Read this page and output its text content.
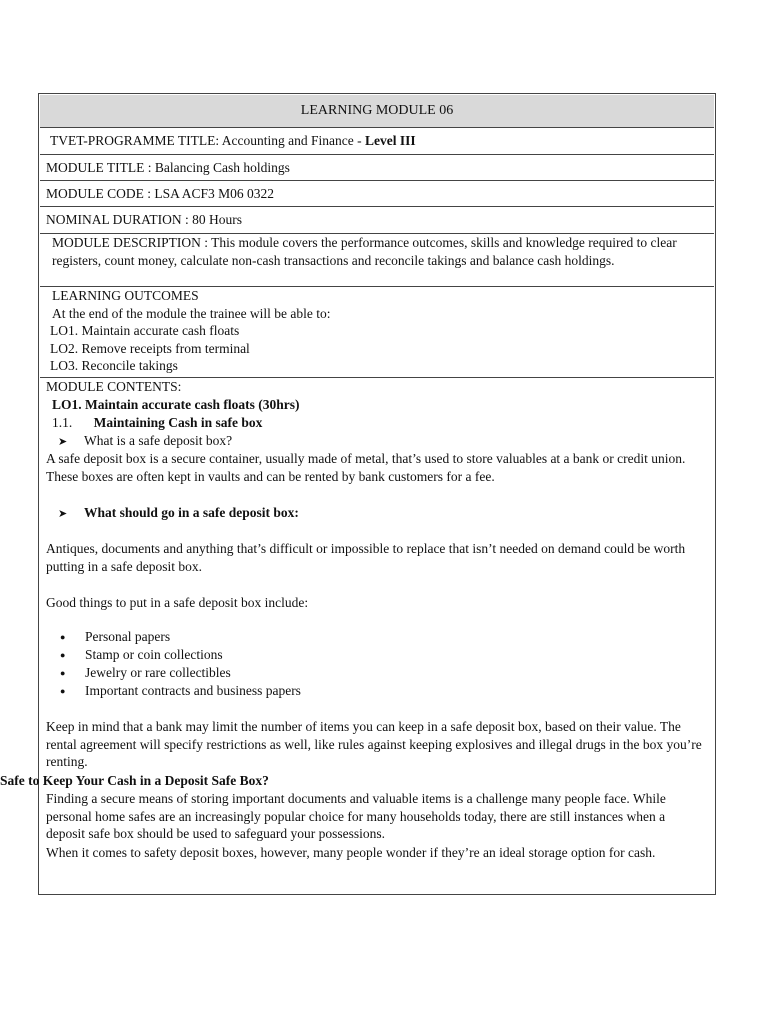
LEARNING MODULE 06
TVET-PROGRAMME TITLE: Accounting and Finance - Level III
MODULE TITLE : Balancing Cash holdings
MODULE CODE : LSA ACF3 M06 0322
NOMINAL DURATION : 80 Hours
MODULE DESCRIPTION : This module covers the performance outcomes, skills and knowledge required to clear registers, count money, calculate non-cash transactions and reconcile takings and balance cash holdings.
LEARNING OUTCOMES
At the end of the module the trainee will be able to:
LO1. Maintain accurate cash floats
LO2. Remove receipts from terminal
LO3. Reconcile takings
MODULE CONTENTS:
LO1. Maintain accurate cash floats (30hrs)
1.1. Maintaining Cash in safe box
➤ What is a safe deposit box?
A safe deposit box is a secure container, usually made of metal, that’s used to store valuables at a bank or credit union. These boxes are often kept in vaults and can be rented by bank customers for a fee.
➤ What should go in a safe deposit box:
Antiques, documents and anything that’s difficult or impossible to replace that isn’t needed on demand could be worth putting in a safe deposit box.
Good things to put in a safe deposit box include:
● Personal papers
● Stamp or coin collections
● Jewelry or rare collectibles
● Important contracts and business papers
Keep in mind that a bank may limit the number of items you can keep in a safe deposit box, based on their value. The rental agreement will specify restrictions as well, like rules against keeping explosives and illegal drugs in the box you’re renting.
Safe to Keep Your Cash in a Deposit Safe Box?
Finding a secure means of storing important documents and valuable items is a challenge many people face. While personal home safes are an increasingly popular choice for many households today, there are still instances when a deposit safe box should be used to safeguard your possessions.
When it comes to safety deposit boxes, however, many people wonder if they’re an ideal storage option for cash.
